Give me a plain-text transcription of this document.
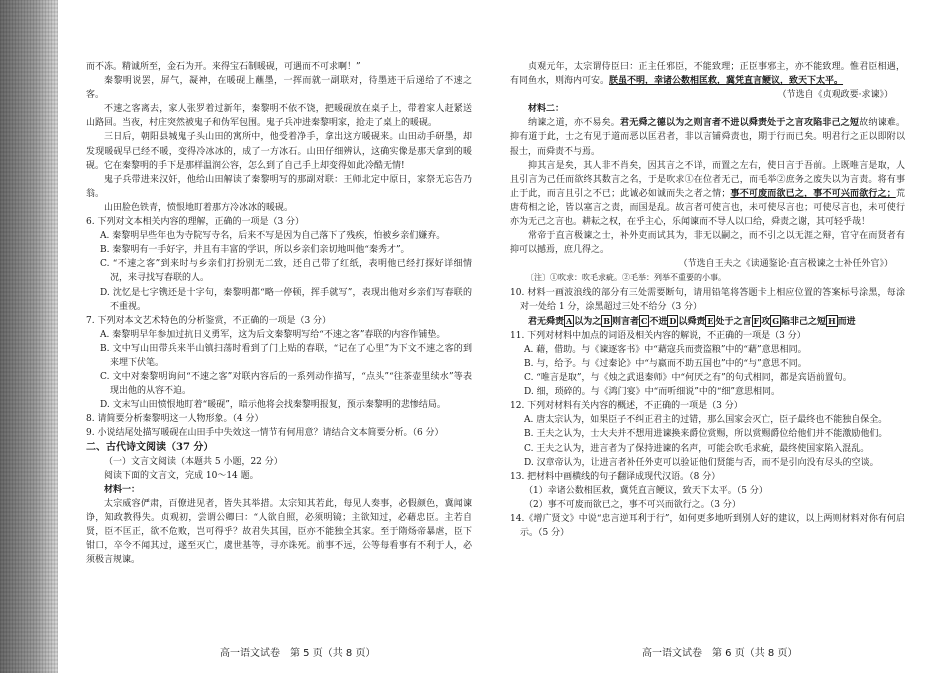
而不冻。精诚所至，金石为开。来得宝石制暖砚，可遇而不可求啊！”

秦黎明说罢，屏气，凝神，在暖砚上蘸墨，一挥而就一副联对，待墨迹干后递给了不速之客。

不速之客离去，家人张罗着过新年，秦黎明不依不饶，把暖砚放在桌子上，带着家人赶紧送山路回。当夜，村庄突然被鬼子和伪军包围。鬼子兵冲进秦黎明家，抢走了桌上的暖砚。

三日后，朝阳县城鬼子头山田的寓所中，他受着净手，拿出这方暖砚来。山田动手研墨，却发现暖砚早已经不暖，变得冷冰冰的，成了一方冰石。山田仔细辨认，这确实像是那天拿到的暖砚。它在秦黎明的手下是那样温润公容，怎么到了自己手上却变得如此冷酷无情!

鬼子兵带进来汉奸，他给山田解读了秦黎明写的那副对联：王师北定中原日，家祭无忘告乃翁。

山田脸色铁青，愤恨地盯着那方冷冰冰的暖砚。

6. 下列对文本相关内容的理解，正确的一项是（3 分）

A. 秦黎明早些年也为寺院写寺名，后来不写是因为自己落下了残疾，怕被乡亲们嫌弃。

B. 秦黎明有一手好字，并且有丰富的学识，所以乡亲们亲切地叫他“秦秀才”。

C. “不速之客”到来时与乡亲们打扮别无二致，还自己带了红纸，表明他已经打探好详细情况，来寻找写春联的人。

D. 沈忆是七字镌还是十字句，秦黎明都“略一停顿，挥手就写”，表现出他对乡亲们写春联的不重视。

7. 下列对本文艺术特色的分析鉴赏，不正确的一项是（3 分）

A. 秦黎明早年参加过抗日义勇军，这为后文秦黎明写给“不速之客”春联的内容作铺垫。

B. 文中写山田带兵来半山镇扫荡时看到了门上贴的春联，“记在了心里”为下文不速之客的到来埋下伏笔。

C. 文中对秦黎明询问“不速之客”对联内容后的一系列动作描写，“点头”“往茶壶里续水”等表现出他的从容不迫。

D. 文末写山田愤恨地盯着“暖砚”，暗示他将会找秦黎明报复，预示秦黎明的悲惨结局。

8. 请简要分析秦黎明这一人物形象。（4 分）

9. 小说结尾处描写暖砚在山田手中失效这一情节有何用意？请结合文本简要分析。（6 分）

二、古代诗文阅读（37 分）

（一）文言文阅读（本题共 5 小题，22 分）

阅读下面的文言文，完成 10～14 题。

材料一：

太宗威容俨肃，百僚进见者，皆失其举措。太宗知其若此，每见人奏事，必假颜色，冀闻谏诤，知政教得失。贞观初，尝谓公卿曰：“人欲自照，必须明镜；主欲知过，必藉忠臣。主若自贤，臣不匡正，欲不危败，岂可得乎？故君失其国，臣亦不能独全其家。至于隋炀帝暴虐，臣下钳口，卒令不闻其过，遂至灭亡，虞世基等，寻亦诛死。前事不远，公等每看事有不利于人，必须极言规谏。

贞观元年，太宗谓侍臣曰：正主任邪臣，不能致理；正臣事邪主，亦不能致理。惟君臣相遇，有同鱼水，则海内可安。朕虽不明，幸诸公数相匡救，冀凭直言鲠议，致天下太平。

（节选自《贞观政要·求谏》）

材料二：

纳谏之道，亦不易矣。君无舜之德以为之则言者不进以舜责处于之言攻陷非己之短故纳谏难。抑有道于此，士之有见于道而恶以匡君者，非以言铺舜责也，期于行而已矣。明君行之正以即附以报士，而舜责不与焉。

抑其言是矣，其人非不肖矣，因其言之不详，而置之左右，使日言于吾前。上既唯言是取，人且引言为己任而欲终其数言之名，于是吹求①在位者无己，而毛举②庶务之废失以为言责。将有事止于此，而言且引之不已；此诚必如诚而失之者之情；事不可废而欲已之，事不可兴而欲行之；荒唐苟相之论，皆以塞言之责，而国是乱。故言者可使言也，未可使尽言也；可使尽言也，未可使行亦为无己之言也。耕耘之权，在乎主心，乐闻谏而不导人以口给，舜责之谢，其可轻乎哉！

常帝于直言极谏之士，补外吏而试其为，非无以嗣之，而不引之以无涯之辩，官守在而贤者有抑可以撼焉，庶几得之。

（节选自王夫之《读通鉴论·直言极谏之士补任外官》）

〔注〕①吹求：吹毛求疵。②毛举：列举不重要的小事。

10. 材料一画波浪线的部分有三处需要断句，请用铅笔将答题卡上相应位置的答案标号涂黑，每涂对一处给 1 分，涂黑超过三处不给分（3 分）

君无舜责 A 以为之 B 则言者 C 不进 D 以舜责 E 处于之言 F 攻 G 陷非己之短 H 而进

11. 下列对材料中加点的词语及相关内容的解说，不正确的一项是（3 分）

A. 藉，借助。与《谏逐客书》中“藉寇兵而赍盗粮”中的“藉”意思相同。

B. 与，给予。与《过秦论》中“与嬴而不助五国也”中的“与”意思不同。

C. “唯言是取”，与《烛之武退秦师》中“何厌之有”的句式相同，都是宾语前置句。

D. 细，琐碎的。与《鸿门宴》中“而听细说”中的“细”意思相同。

12. 下列对材料有关内容的概述，不正确的一项是（3 分）

A. 唐太宗认为，如果臣子不纠正君主的过错，那么国家会灭亡，臣子最终也不能独自保全。

B. 王夫之认为，士大夫并不想用进谏换来爵位赏赐，所以赏赐爵位给他们并不能激励他们。

C. 王夫之认为，进言者为了保持进谏的名声，可能会吹毛求疵，最终使国家陷入混乱。

D. 汉章帝认为，让进言者补任外吏可以验证他们贤能与否，而不是引向没有尽头的空谈。

13. 把材料中画横线的句子翻译成现代汉语。（8 分）

（1）幸诸公数相匡救，冀凭直言鲠议，致天下太平。（5 分）

（2）事不可废而欲已之，事不可兴而欲行之。（3 分）

14.《增广贤文》中说“忠言逆耳利于行”，如何更多地听到别人好的建议，以上两则材料对你有何启示。（5 分）

高一语文试卷　第 5 页（共 8 页）	高一语文试卷　第 6 页（共 8 页）
